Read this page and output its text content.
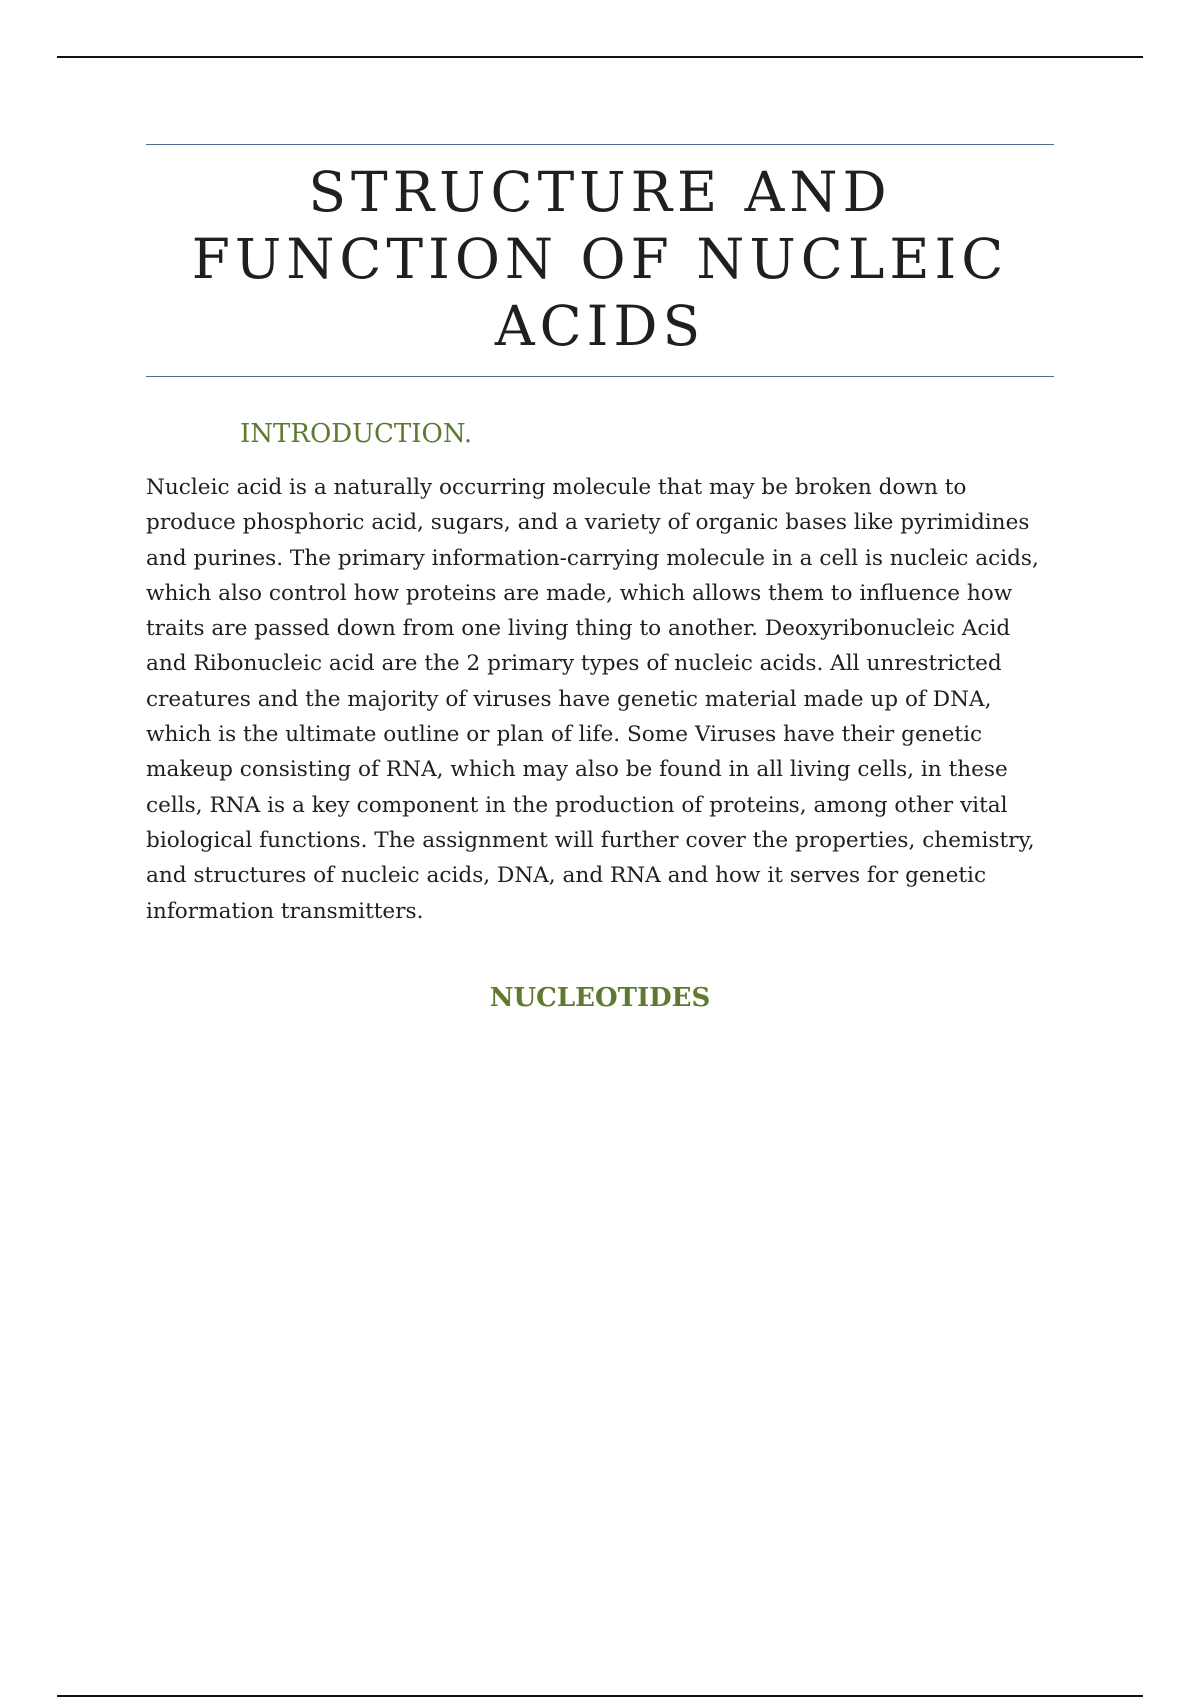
STRUCTURE AND FUNCTION OF NUCLEIC ACIDS
INTRODUCTION.

Nucleic acid is a naturally occurring molecule that may be broken down to produce phosphoric acid, sugars, and a variety of organic bases like pyrimidines and purines. The primary information-carrying molecule in a cell is nucleic acids, which also control how proteins are made, which allows them to influence how traits are passed down from one living thing to another. Deoxyribonucleic Acid and Ribonucleic acid are the 2 primary types of nucleic acids. All unrestricted creatures and the majority of viruses have genetic material made up of DNA, which is the ultimate outline or plan of life. Some Viruses have their genetic makeup consisting of RNA, which may also be found in all living cells, in these cells, RNA is a key component in the production of proteins, among other vital biological functions. The assignment will further cover the properties, chemistry, and structures of nucleic acids, DNA, and RNA and how it serves for genetic information transmitters.

NUCLEOTIDES
